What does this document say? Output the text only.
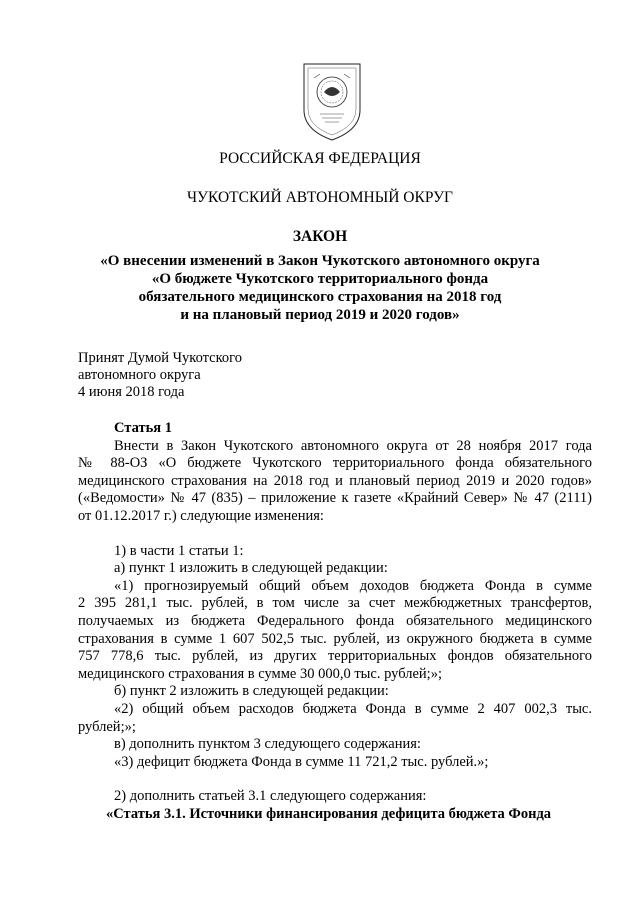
РОССИЙСКАЯ ФЕДЕРАЦИЯ
ЧУКОТСКИЙ АВТОНОМНЫЙ ОКРУГ
ЗАКОН
«О внесении изменений в Закон Чукотского автономного округа
«О бюджете Чукотского территориального фонда
обязательного медицинского страхования на 2018 год
и на плановый период 2019 и 2020 годов»
Принят Думой Чукотского
автономного округа
4 июня 2018 года

Статья 1

Внести в Закон Чукотского автономного округа от 28 ноября 2017 года

№ 88-ОЗ «О бюджете Чукотского территориального фонда обязательного

медицинского страхования на 2018 год и плановый период 2019 и 2020 годов»

(«Ведомости» № 47 (835) – приложение к газете «Крайний Север» № 47 (2111)

от 01.12.2017 г.) следующие изменения:

1) в части 1 статьи 1:

а) пункт 1 изложить в следующей редакции:

«1) прогнозируемый общий объем доходов бюджета Фонда в сумме

2 395 281,1 тыс. рублей, в том числе за счет межбюджетных трансфертов,

получаемых из бюджета Федерального фонда обязательного медицинского

страхования в сумме 1 607 502,5 тыс. рублей, из окружного бюджета в сумме

757 778,6 тыс. рублей, из других территориальных фондов обязательного

медицинского страхования в сумме 30 000,0 тыс. рублей;»;

б) пункт 2 изложить в следующей редакции:

«2) общий объем расходов бюджета Фонда в сумме 2 407 002,3 тыс.

рублей;»;

в) дополнить пунктом 3 следующего содержания:

«3) дефицит бюджета Фонда в сумме 11 721,2 тыс. рублей.»;

2) дополнить статьей 3.1 следующего содержания:

«Статья 3.1. Источники финансирования дефицита бюджета Фонда
